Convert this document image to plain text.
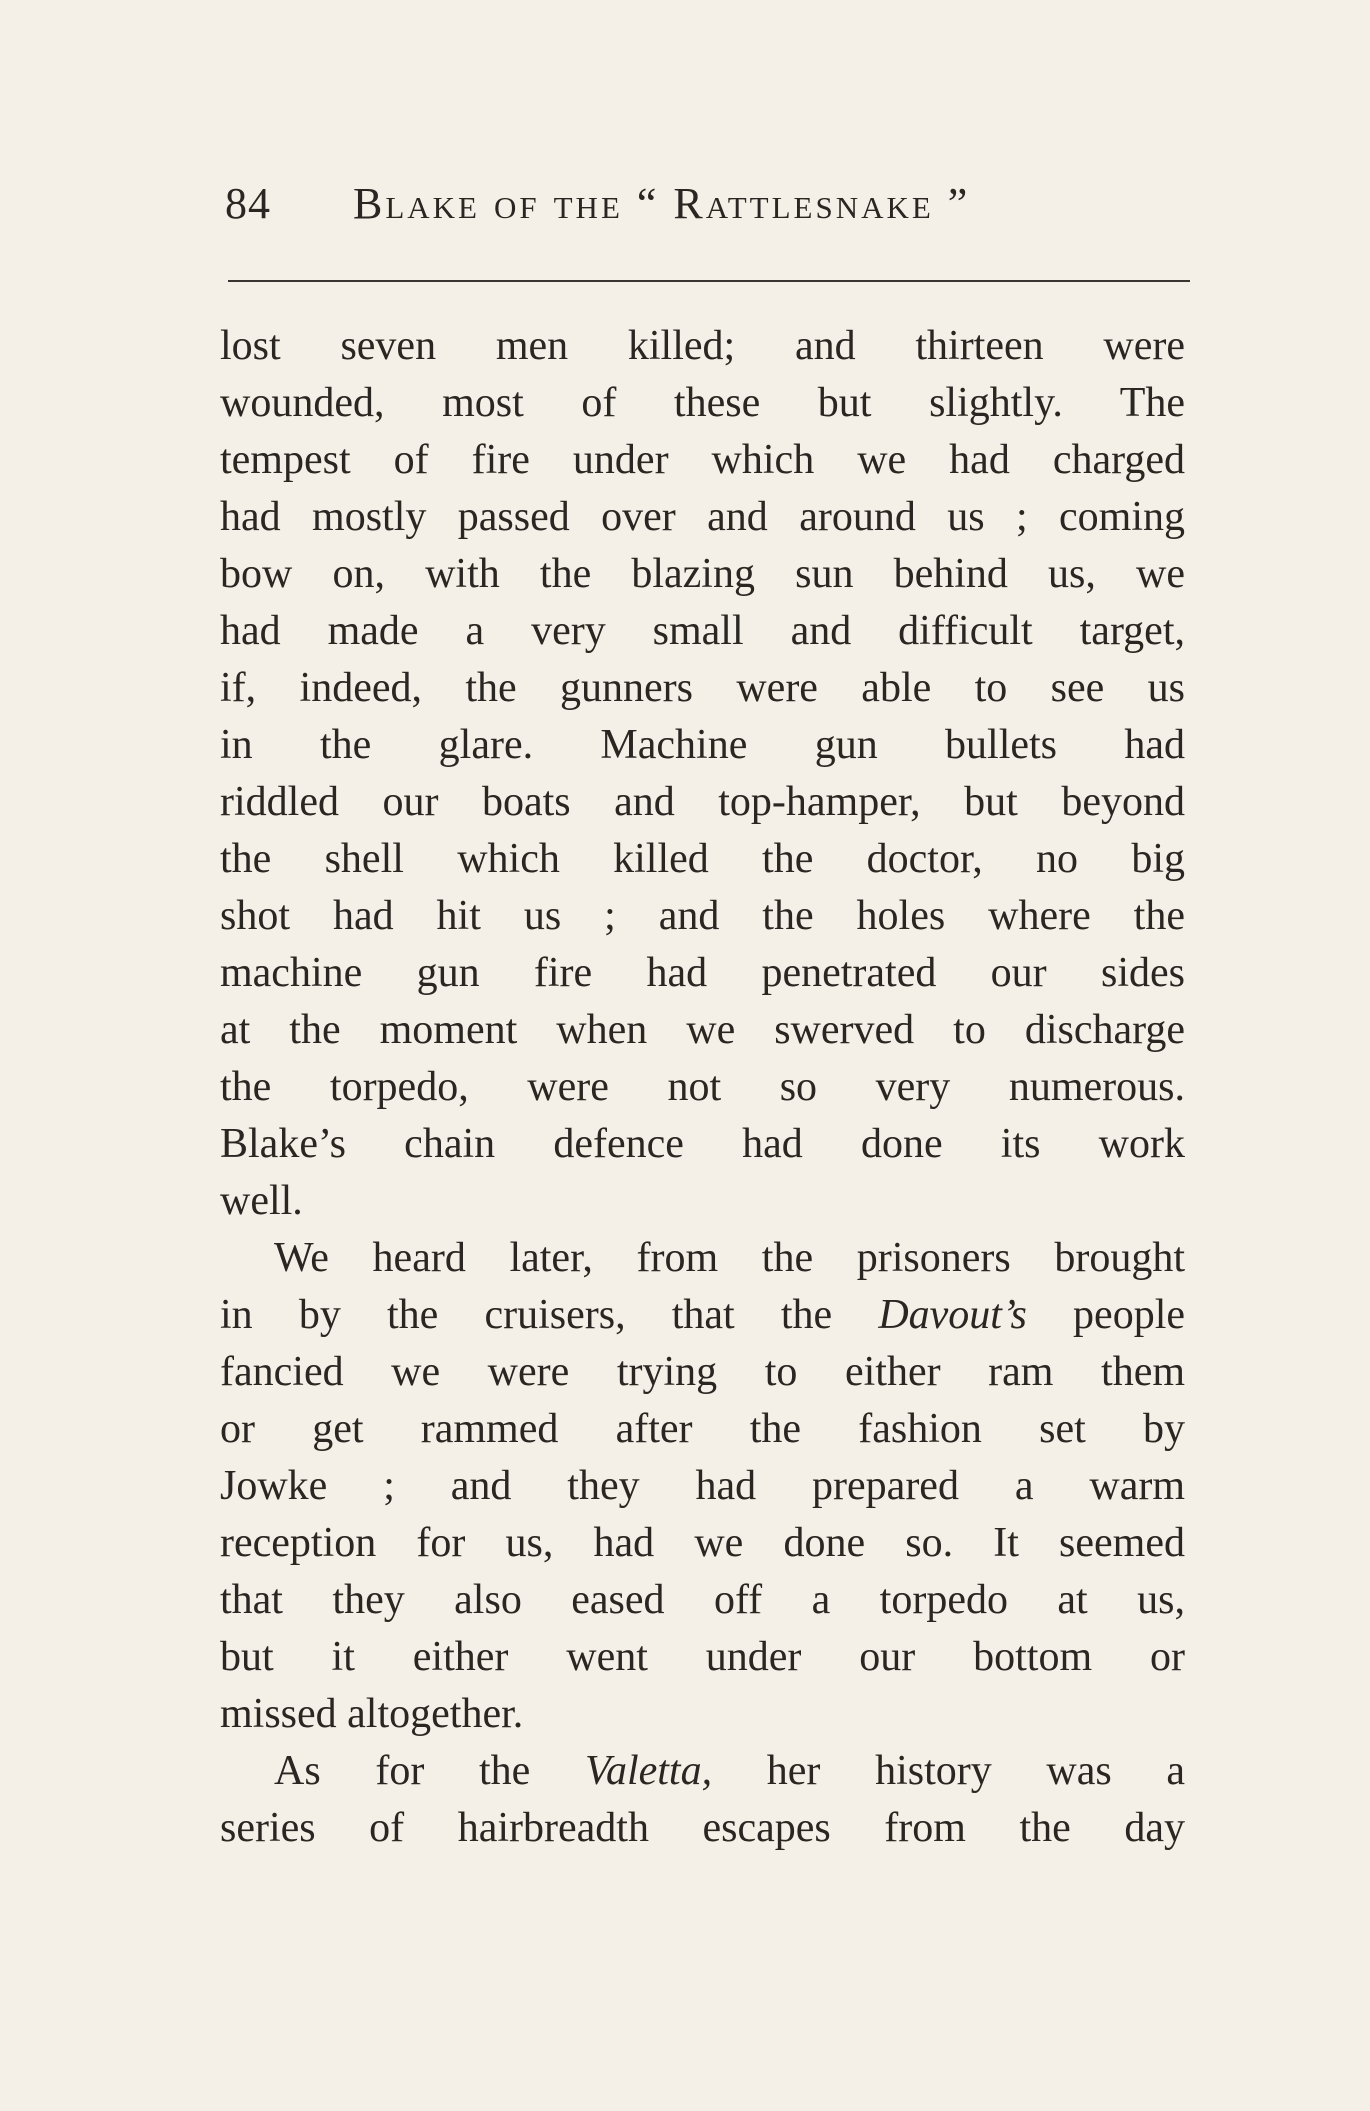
84 Blake of the “ Rattlesnake ”
lost seven men killed; and thirteen were
wounded, most of these but slightly. The
tempest of fire under which we had charged
had mostly passed over and around us ; coming
bow on, with the blazing sun behind us, we
had made a very small and difficult target,
if, indeed, the gunners were able to see us
in the glare. Machine gun bullets had
riddled our boats and top-hamper, but beyond
the shell which killed the doctor, no big
shot had hit us ; and the holes where the
machine gun fire had penetrated our sides
at the moment when we swerved to discharge
the torpedo, were not so very numerous.
Blake’s chain defence had done its work
well.
We heard later, from the prisoners brought
in by the cruisers, that the Davout’s people
fancied we were trying to either ram them
or get rammed after the fashion set by
Jowke ; and they had prepared a warm
reception for us, had we done so. It seemed
that they also eased off a torpedo at us,
but it either went under our bottom or
missed altogether.
As for the Valetta, her history was a
series of hairbreadth escapes from the day
